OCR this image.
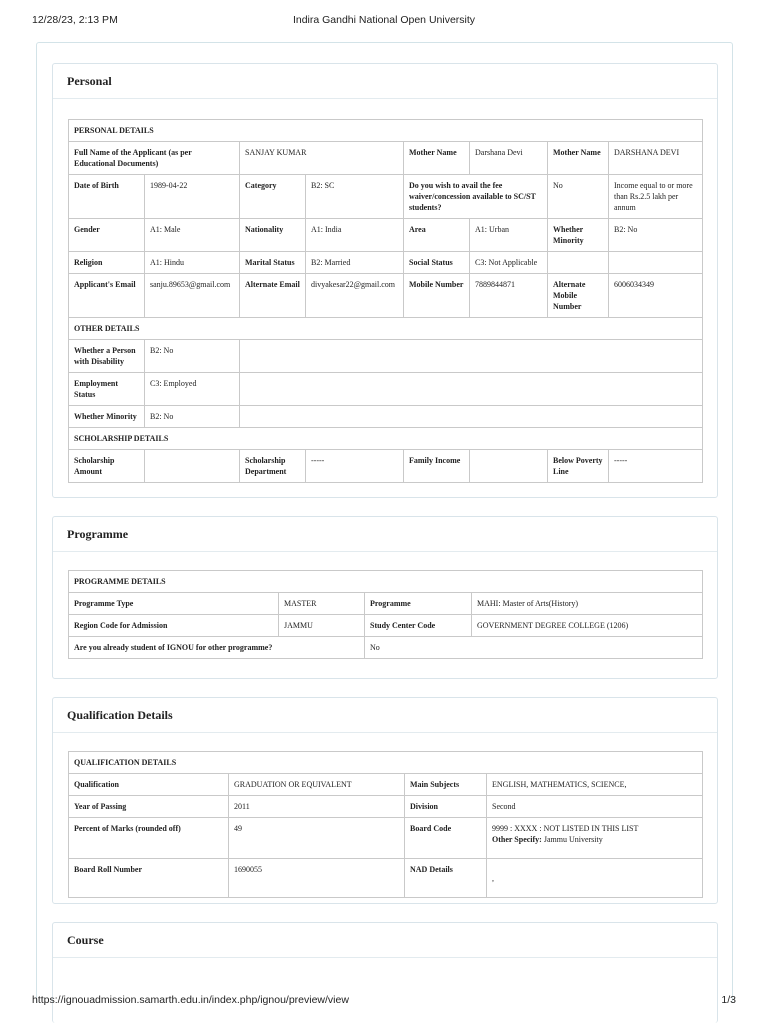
12/28/23, 2:13 PM	Indira Gandhi National Open University
Personal
PERSONAL DETAILS							
Full Name of the Applicant (as per Educational Documents)		SANJAY KUMAR		Mother Name	Darshana Devi	Mother Name	DARSHANA DEVI
Date of Birth	1989-04-22	Category	B2: SC	Do you wish to avail the fee waiver/concession available to SC/ST students?		No	Income equal to or more than Rs.2.5 lakh per annum
Gender	A1: Male	Nationality	A1: India	Area	A1: Urban	Whether Minority	B2: No
Religion	A1: Hindu	Marital Status	B2: Married	Social Status	C3: Not Applicable		
Applicant's Email	sanju.89653@gmail.com	Alternate Email	divyakesar22@gmail.com	Mobile Number	7889844871	Alternate Mobile Number	6006034349
OTHER DETAILS							
Whether a Person with Disability	B2: No						
Employment Status	C3: Employed						
Whether Minority	B2: No						
SCHOLARSHIP DETAILS							
Scholarship Amount		Scholarship Department	-----	Family Income		Below Poverty Line	-----
Programme
PROGRAMME DETAILS			
Programme Type	MASTER	Programme	MAHI: Master of Arts(History)
Region Code for Admission	JAMMU	Study Center Code	GOVERNMENT DEGREE COLLEGE (1206)
Are you already student of IGNOU for other programme?		No	
Qualification Details
QUALIFICATION DETAILS			
Qualification	GRADUATION OR EQUIVALENT	Main Subjects	ENGLISH, MATHEMATICS, SCIENCE,
Year of Passing	2011	Division	Second
Percent of Marks (rounded off)	49	Board Code	9999 : XXXX : NOT LISTED IN THIS LIST
Other Specify: Jammu University

Board Roll Number	1690055	NAD Details	,
Course
https://ignouadmission.samarth.edu.in/index.php/ignou/preview/view	1/3
